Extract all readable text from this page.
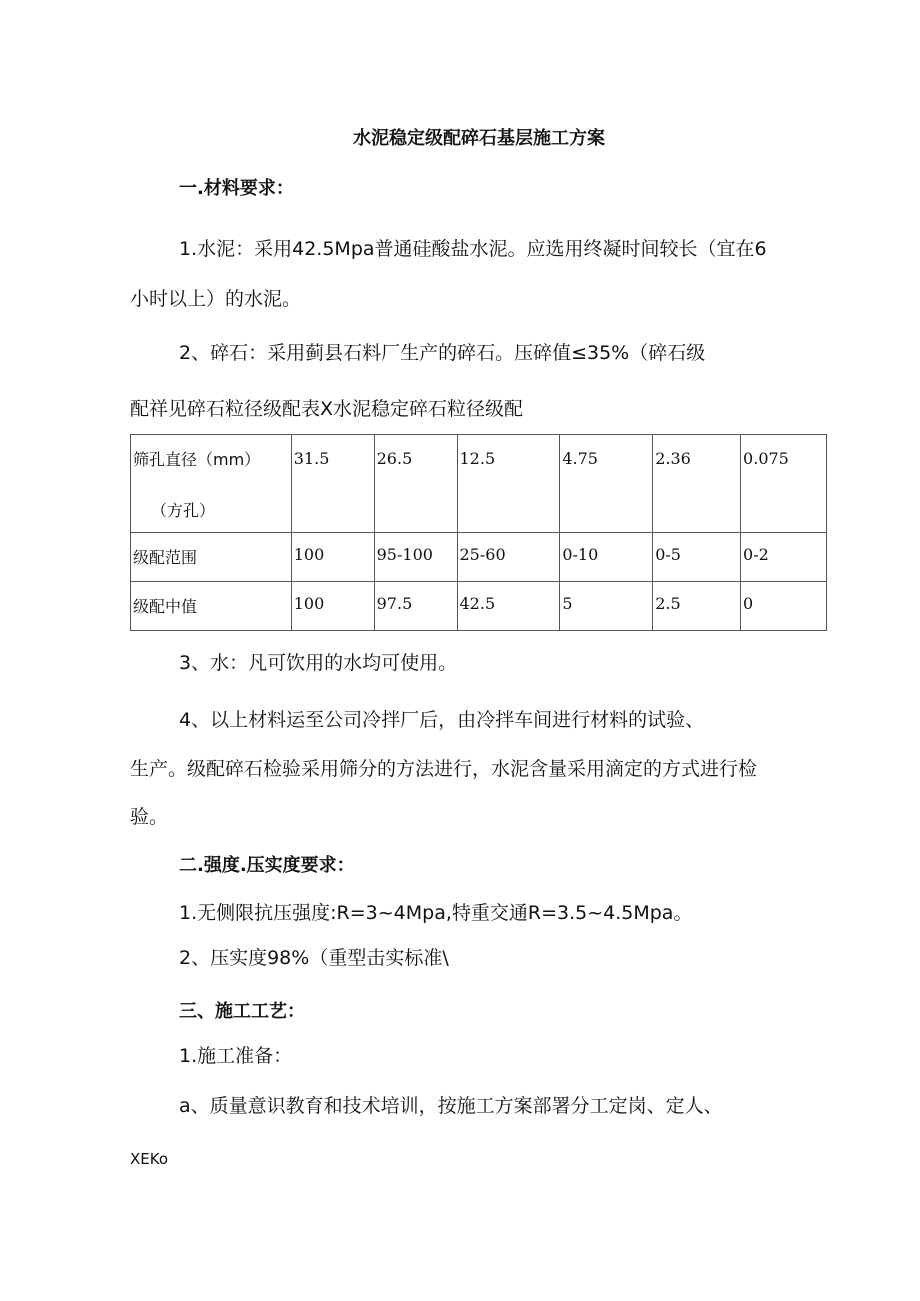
水泥稳定级配碎石基层施工方案
一.材料要求：
1.水泥：采用42.5Mpa普通硅酸盐水泥。应选用终凝时间较长（宜在6
小时以上）的水泥。
2、碎石：采用蓟县石料厂生产的碎石。压碎值≤35%（碎石级
配祥见碎石粒径级配表X水泥稳定碎石粒径级配
筛孔直径（mm）
（方孔）	31.5	26.5	12.5	4.75	2.36	0.075

级配范围	100	95-100	25-60	0-10	0-5	0-2

级配中值	100	97.5	42.5	5	2.5	0
3、水：凡可饮用的水均可使用。
4、以上材料运至公司冷拌厂后，由冷拌车间进行材料的试验、
生产。级配碎石检验采用筛分的方法进行，水泥含量采用滴定的方式进行检
验。
二.强度.压实度要求：
1.无侧限抗压强度:R=3~4Mpa,特重交通R=3.5~4.5Mpa。
2、压实度98%（重型击实标准\
三、施工工艺：
1.施工准备：
a、质量意识教育和技术培训，按施工方案部署分工定岗、定人、
XEKo
